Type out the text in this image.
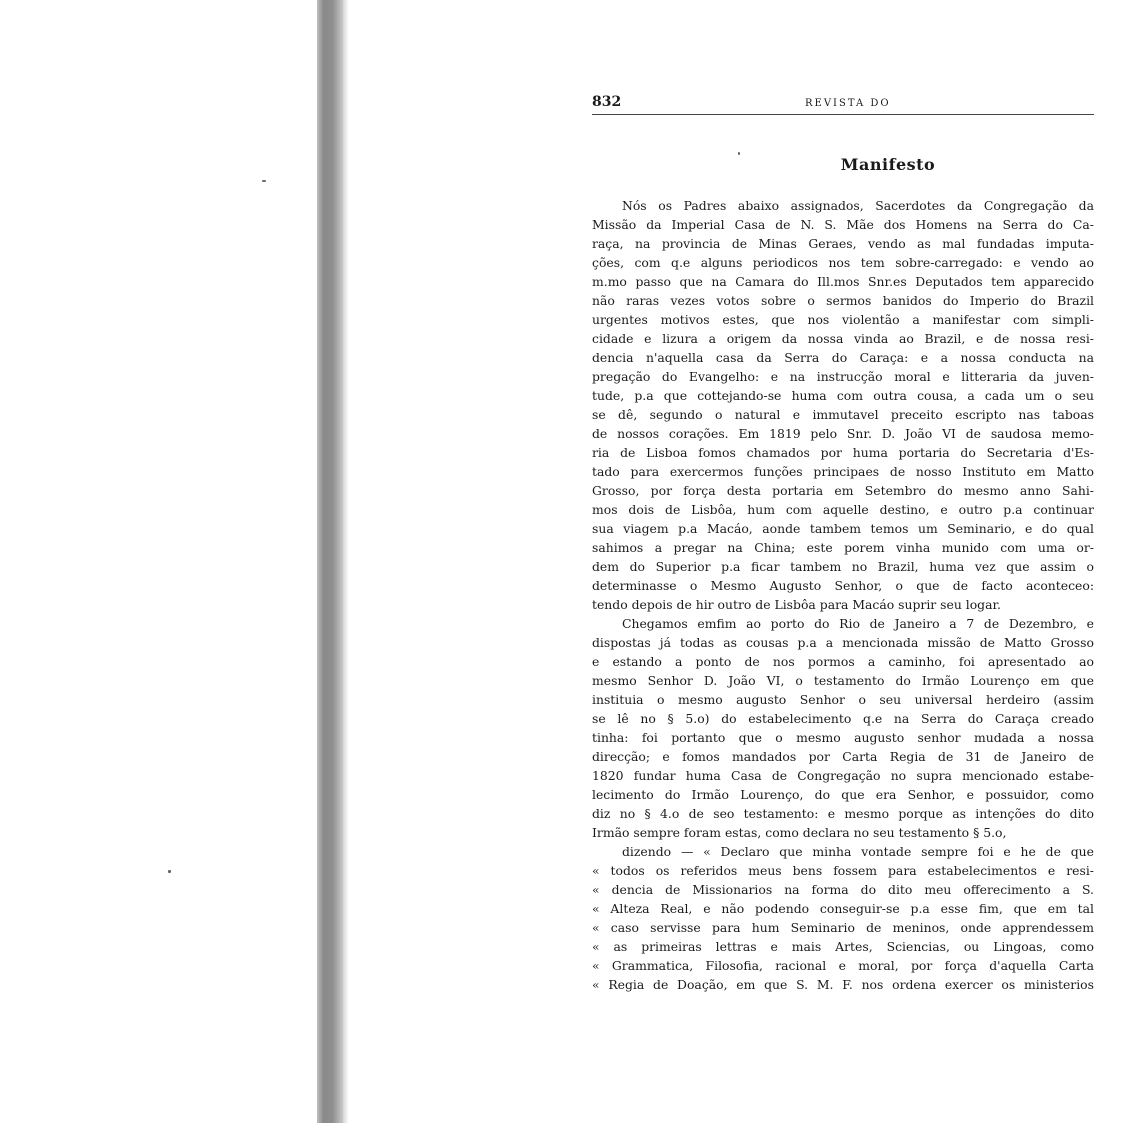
832	REVISTA DO
Manifesto
Nós os Padres abaixo assignados, Sacerdotes da Congregação da
Missão da Imperial Casa de N. S. Mãe dos Homens na Serra do Ca-
raça, na provincia de Minas Geraes, vendo as mal fundadas imputa-
ções, com q.e alguns periodicos nos tem sobre-carregado: e vendo ao
m.mo passo que na Camara do Ill.mos Snr.es Deputados tem apparecido
não raras vezes votos sobre o sermos banidos do Imperio do Brazil
urgentes motivos estes, que nos violentão a manifestar com simpli-
cidade e lizura a origem da nossa vinda ao Brazil, e de nossa resi-
dencia n'aquella casa da Serra do Caraça: e a nossa conducta na
pregação do Evangelho: e na instrucção moral e litteraria da juven-
tude, p.a que cottejando-se huma com outra cousa, a cada um o seu
se dê, segundo o natural e immutavel preceito escripto nas taboas
de nossos corações. Em 1819 pelo Snr. D. João VI de saudosa memo-
ria de Lisboa fomos chamados por huma portaria do Secretaria d'Es-
tado para exercermos funções principaes de nosso Instituto em Matto
Grosso, por força desta portaria em Setembro do mesmo anno Sahi-
mos dois de Lisbôa, hum com aquelle destino, e outro p.a continuar
sua viagem p.a Macáo, aonde tambem temos um Seminario, e do qual
sahimos a pregar na China; este porem vinha munido com uma or-
dem do Superior p.a ficar tambem no Brazil, huma vez que assim o
determinasse o Mesmo Augusto Senhor, o que de facto aconteceo:
tendo depois de hir outro de Lisbôa para Macáo suprir seu logar.
Chegamos emfim ao porto do Rio de Janeiro a 7 de Dezembro, e
dispostas já todas as cousas p.a a mencionada missão de Matto Grosso
e estando a ponto de nos pormos a caminho, foi apresentado ao
mesmo Senhor D. João VI, o testamento do Irmão Lourenço em que
instituia o mesmo augusto Senhor o seu universal herdeiro (assim
se lê no § 5.o) do estabelecimento q.e na Serra do Caraça creado
tinha: foi portanto que o mesmo augusto senhor mudada a nossa
direcção; e fomos mandados por Carta Regia de 31 de Janeiro de
1820 fundar huma Casa de Congregação no supra mencionado estabe-
lecimento do Irmão Lourenço, do que era Senhor, e possuidor, como
diz no § 4.o de seo testamento: e mesmo porque as intenções do dito
Irmão sempre foram estas, como declara no seu testamento § 5.o,
dizendo — « Declaro que minha vontade sempre foi e he de que
« todos os referidos meus bens fossem para estabelecimentos e resi-
« dencia de Missionarios na forma do dito meu offerecimento a S.
« Alteza Real, e não podendo conseguir-se p.a esse fim, que em tal
« caso servisse para hum Seminario de meninos, onde apprendessem
« as primeiras lettras e mais Artes, Sciencias, ou Lingoas, como
« Grammatica, Filosofia, racional e moral, por força d'aquella Carta
« Regia de Doação, em que S. M. F. nos ordena exercer os ministerios
